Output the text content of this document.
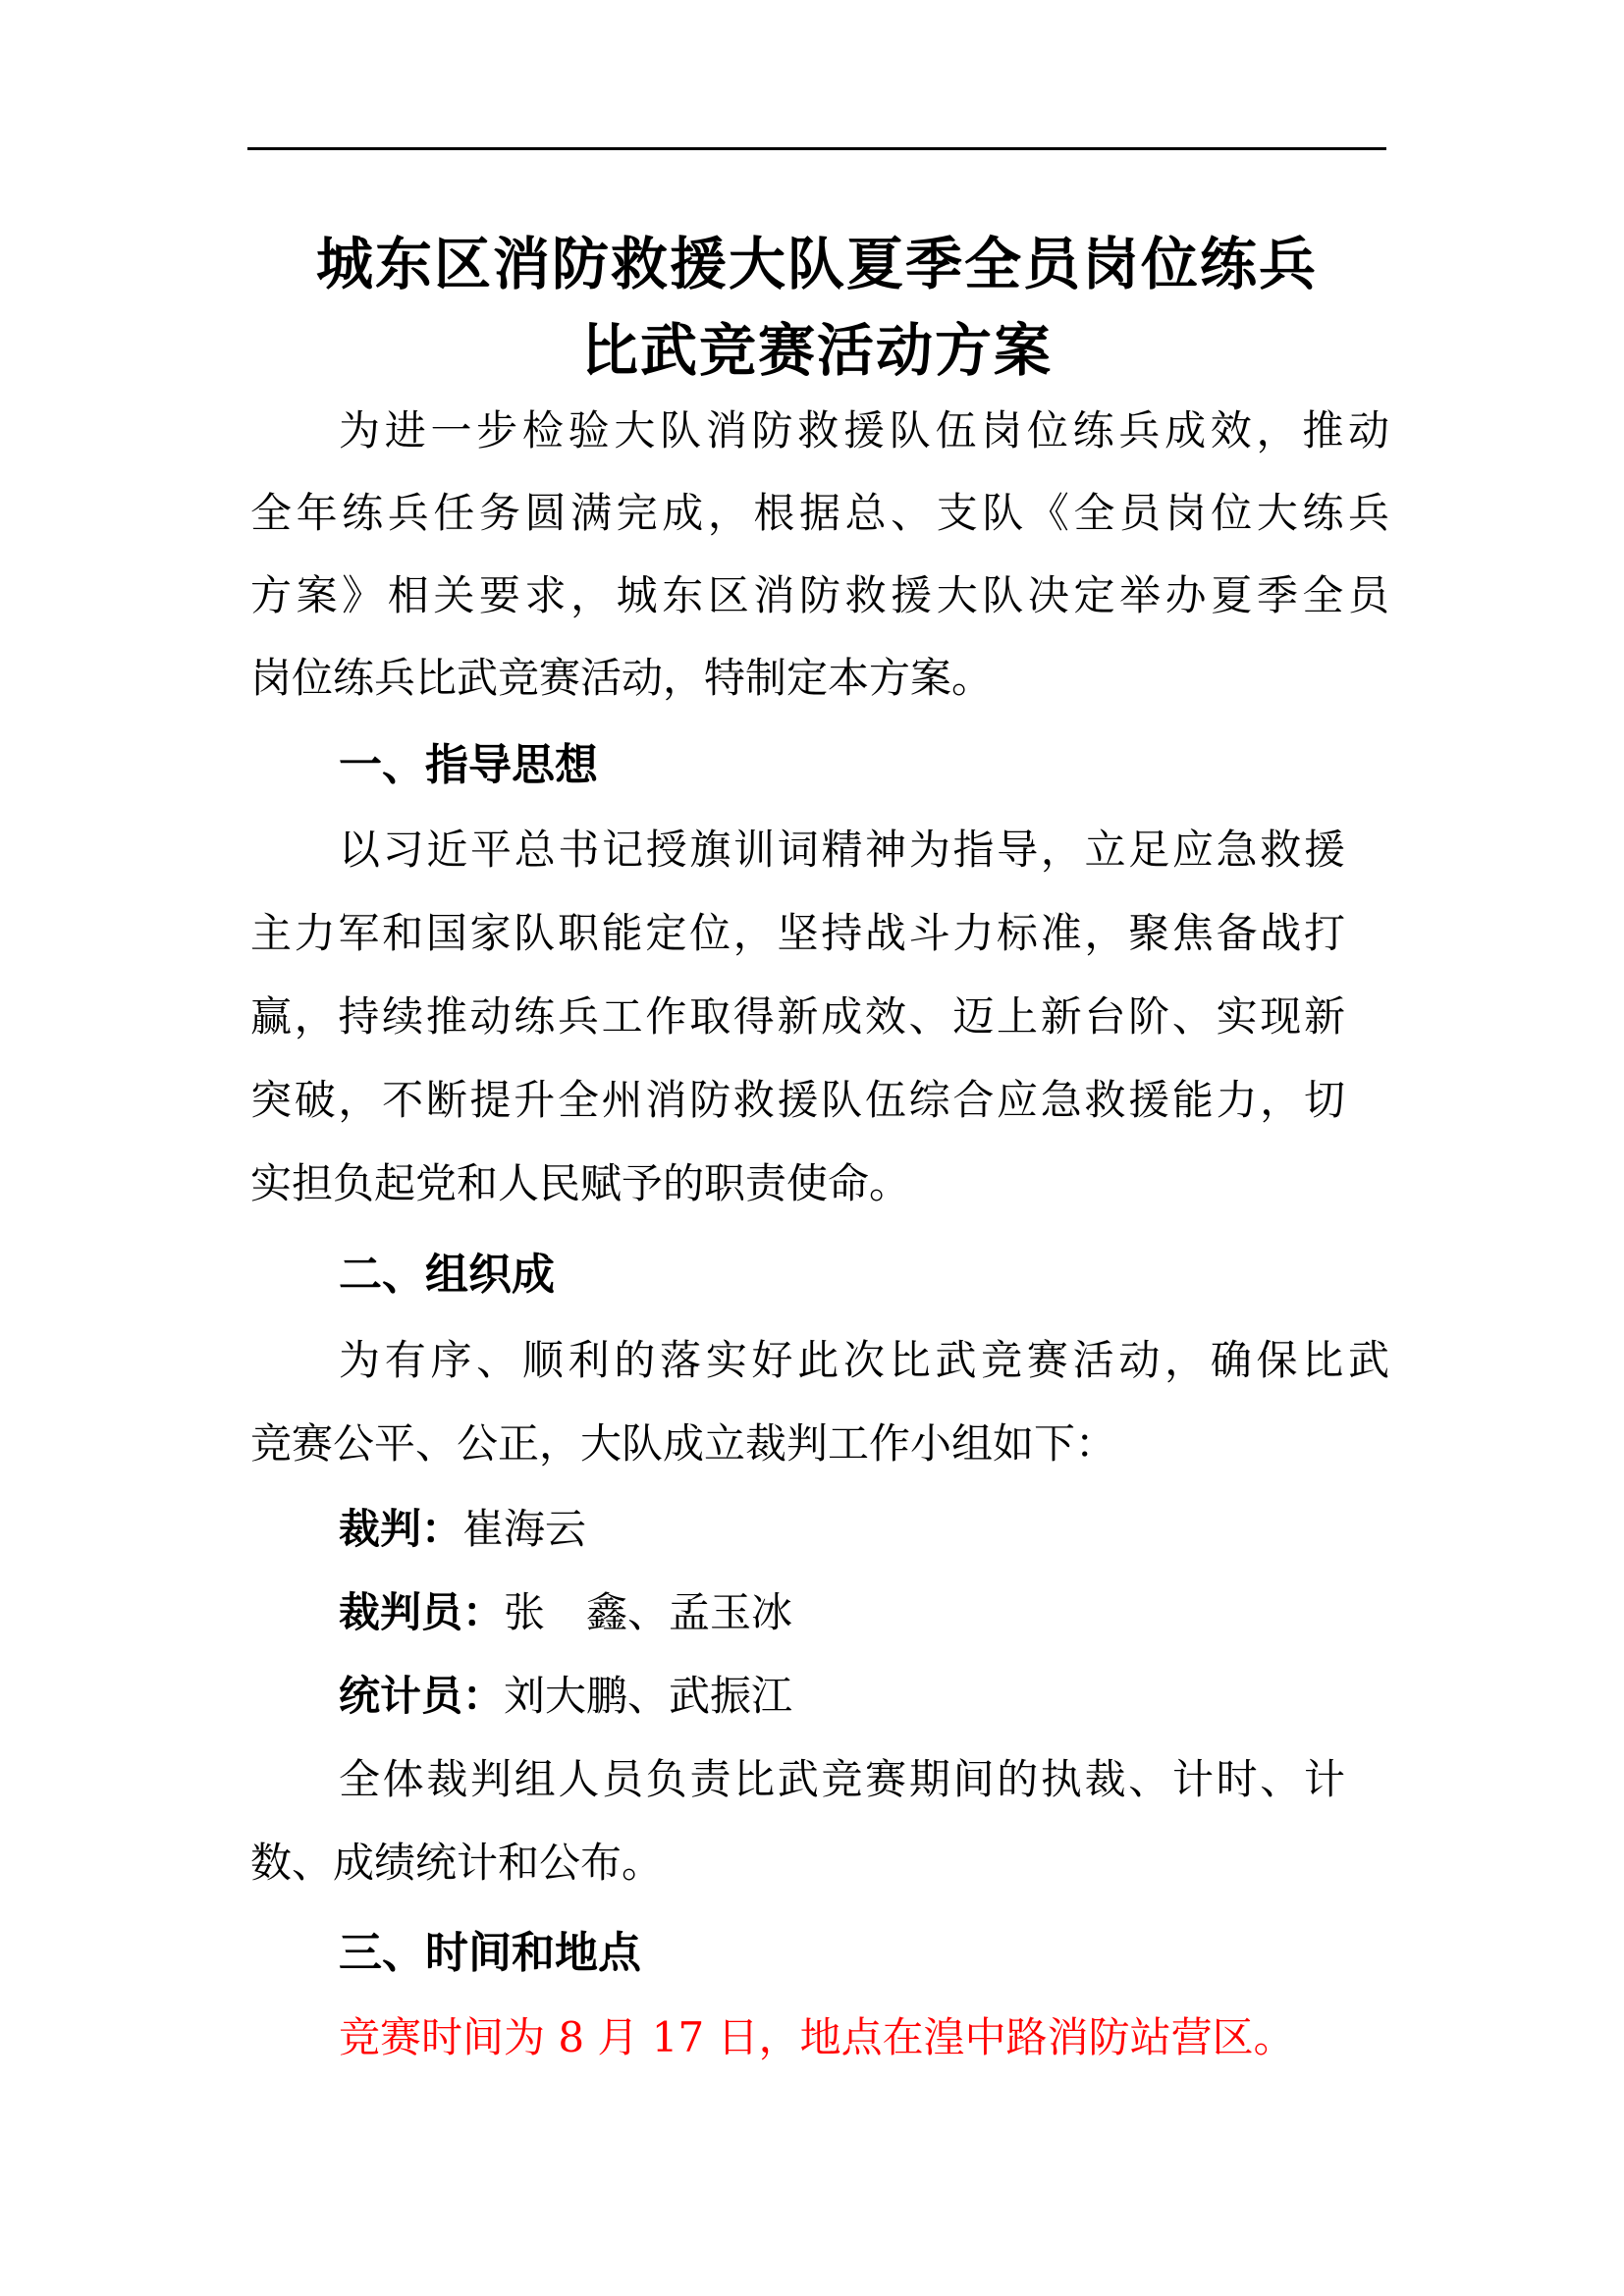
城东区消防救援大队夏季全员岗位练兵
比武竞赛活动方案
为进一步检验大队消防救援队伍岗位练兵成效，推动
全年练兵任务圆满完成，根据总、支队《全员岗位大练兵
方案》相关要求，城东区消防救援大队决定举办夏季全员
岗位练兵比武竞赛活动，特制定本方案。
一、指导思想
以习近平总书记授旗训词精神为指导，立足应急救援
主力军和国家队职能定位，坚持战斗力标准，聚焦备战打
赢，持续推动练兵工作取得新成效、迈上新台阶、实现新
突破，不断提升全州消防救援队伍综合应急救援能力，切
实担负起党和人民赋予的职责使命。
二、组织成
为有序、顺利的落实好此次比武竞赛活动，确保比武
竞赛公平、公正，大队成立裁判工作小组如下：
裁判：崔海云
裁判员：张　鑫、孟玉冰
统计员：刘大鹏、武振江
全体裁判组人员负责比武竞赛期间的执裁、计时、计
数、成绩统计和公布。
三、时间和地点
竞赛时间为 8 月 17 日，地点在湟中路消防站营区。
